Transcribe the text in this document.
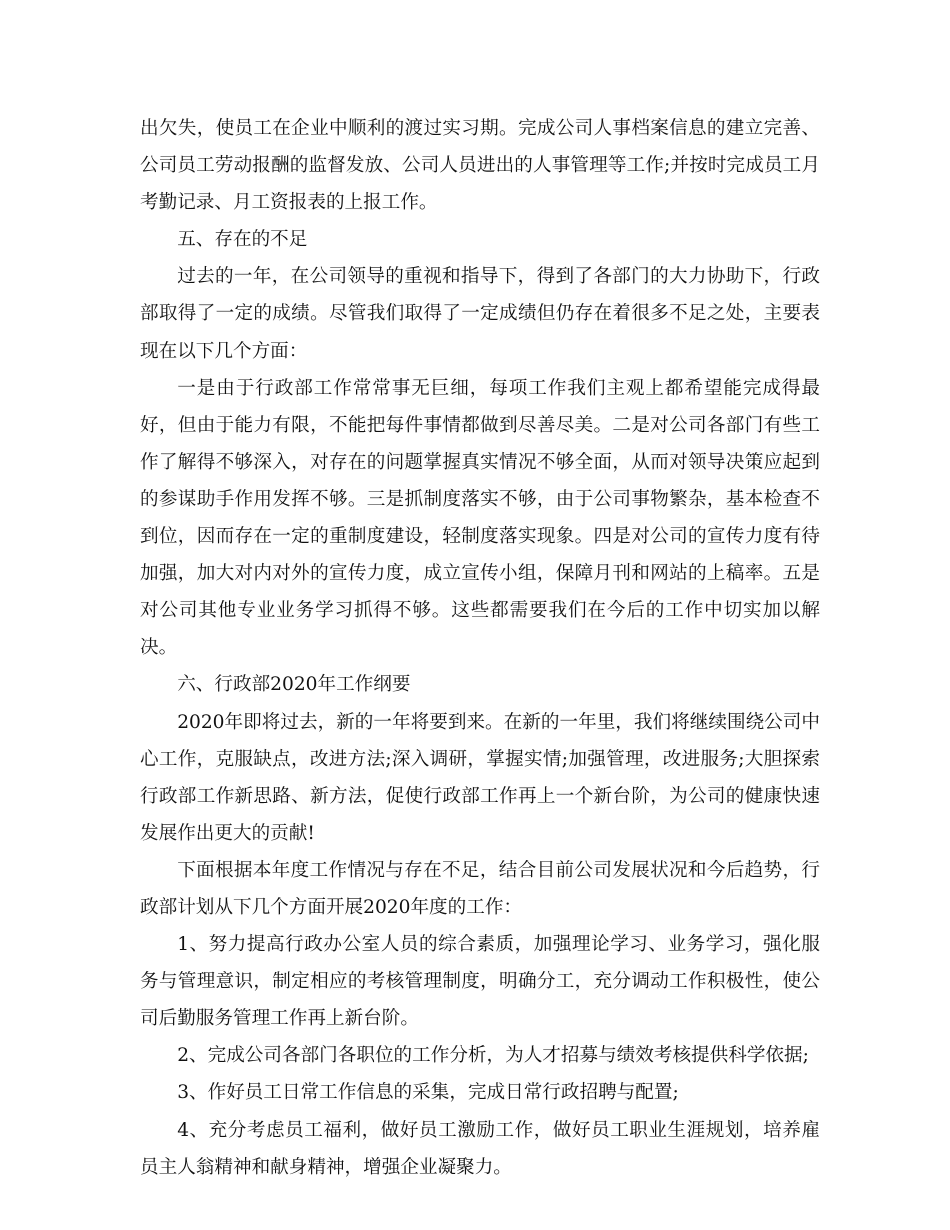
出欠失，使员工在企业中顺利的渡过实习期。完成公司人事档案信息的建立完善、公司员工劳动报酬的监督发放、公司人员进出的人事管理等工作;并按时完成员工月考勤记录、月工资报表的上报工作。

五、存在的不足

过去的一年，在公司领导的重视和指导下，得到了各部门的大力协助下，行政部取得了一定的成绩。尽管我们取得了一定成绩但仍存在着很多不足之处，主要表现在以下几个方面：

一是由于行政部工作常常事无巨细，每项工作我们主观上都希望能完成得最好，但由于能力有限，不能把每件事情都做到尽善尽美。二是对公司各部门有些工作了解得不够深入，对存在的问题掌握真实情况不够全面，从而对领导决策应起到的参谋助手作用发挥不够。三是抓制度落实不够，由于公司事物繁杂，基本检查不到位，因而存在一定的重制度建设，轻制度落实现象。四是对公司的宣传力度有待加强，加大对内对外的宣传力度，成立宣传小组，保障月刊和网站的上稿率。五是对公司其他专业业务学习抓得不够。这些都需要我们在今后的工作中切实加以解决。

六、行政部2020年工作纲要

2020年即将过去，新的一年将要到来。在新的一年里，我们将继续围绕公司中心工作，克服缺点，改进方法;深入调研，掌握实情;加强管理，改进服务;大胆探索行政部工作新思路、新方法，促使行政部工作再上一个新台阶，为公司的健康快速发展作出更大的贡献!

下面根据本年度工作情况与存在不足，结合目前公司发展状况和今后趋势，行政部计划从下几个方面开展2020年度的工作：

1、努力提高行政办公室人员的综合素质，加强理论学习、业务学习，强化服务与管理意识，制定相应的考核管理制度，明确分工，充分调动工作积极性，使公司后勤服务管理工作再上新台阶。

2、完成公司各部门各职位的工作分析，为人才招募与绩效考核提供科学依据;

3、作好员工日常工作信息的采集，完成日常行政招聘与配置;

4、充分考虑员工福利，做好员工激励工作，做好员工职业生涯规划，培养雇员主人翁精神和献身精神，增强企业凝聚力。
